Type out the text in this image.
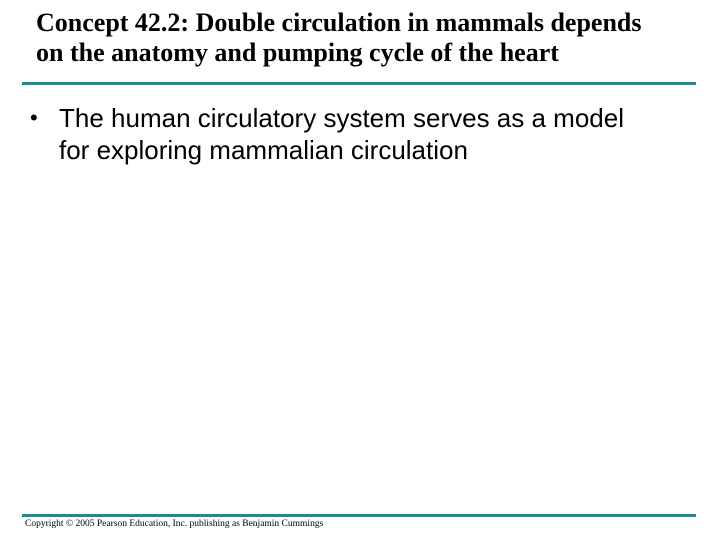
Concept 42.2: Double circulation in mammals depends
on the anatomy and pumping cycle of the heart
• The human circulatory system serves as a model
for exploring mammalian circulation
Copyright © 2005 Pearson Education, Inc. publishing as Benjamin Cummings
